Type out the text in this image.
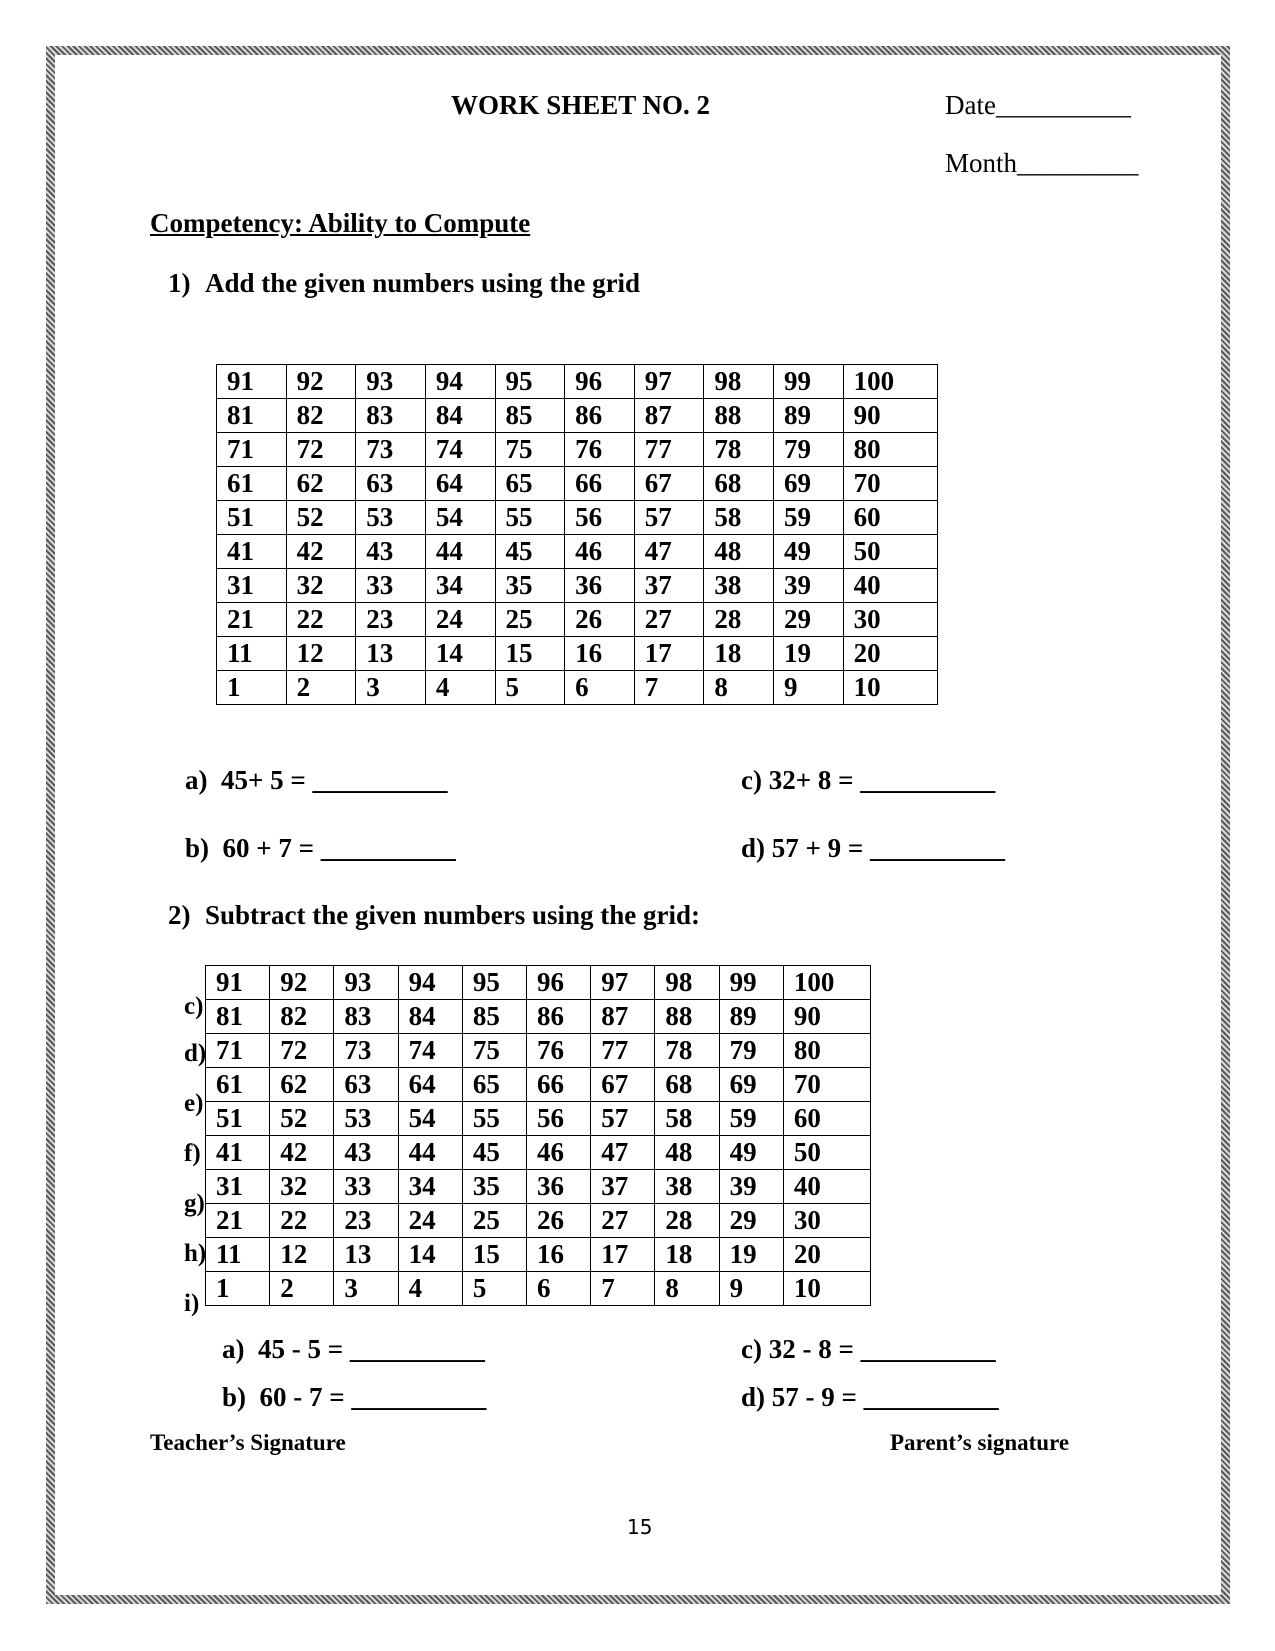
WORK SHEET NO. 2	Date__________
Month_________
Competency: Ability to Compute
1) Add the given numbers using the grid
91	92	93	94	95	96	97	98	99	100
81	82	83	84	85	86	87	88	89	90
71	72	73	74	75	76	77	78	79	80
61	62	63	64	65	66	67	68	69	70
51	52	53	54	55	56	57	58	59	60
41	42	43	44	45	46	47	48	49	50
31	32	33	34	35	36	37	38	39	40
21	22	23	24	25	26	27	28	29	30
11	12	13	14	15	16	17	18	19	20
1	2	3	4	5	6	7	8	9	10
a) 45+ 5 = __________	c) 32+ 8 = __________
b) 60 + 7 = __________	d) 57 + 9 = __________
2) Subtract the given numbers using the grid:
c)
d)
e)
f)
g)
h)
i)
91	92	93	94	95	96	97	98	99	100
81	82	83	84	85	86	87	88	89	90
71	72	73	74	75	76	77	78	79	80
61	62	63	64	65	66	67	68	69	70
51	52	53	54	55	56	57	58	59	60
41	42	43	44	45	46	47	48	49	50
31	32	33	34	35	36	37	38	39	40
21	22	23	24	25	26	27	28	29	30
11	12	13	14	15	16	17	18	19	20
1	2	3	4	5	6	7	8	9	10
a) 45 - 5 = __________	c) 32 - 8 = __________
b) 60 - 7 = __________	d) 57 - 9 = __________
Teacher’s Signature	Parent’s signature
15
